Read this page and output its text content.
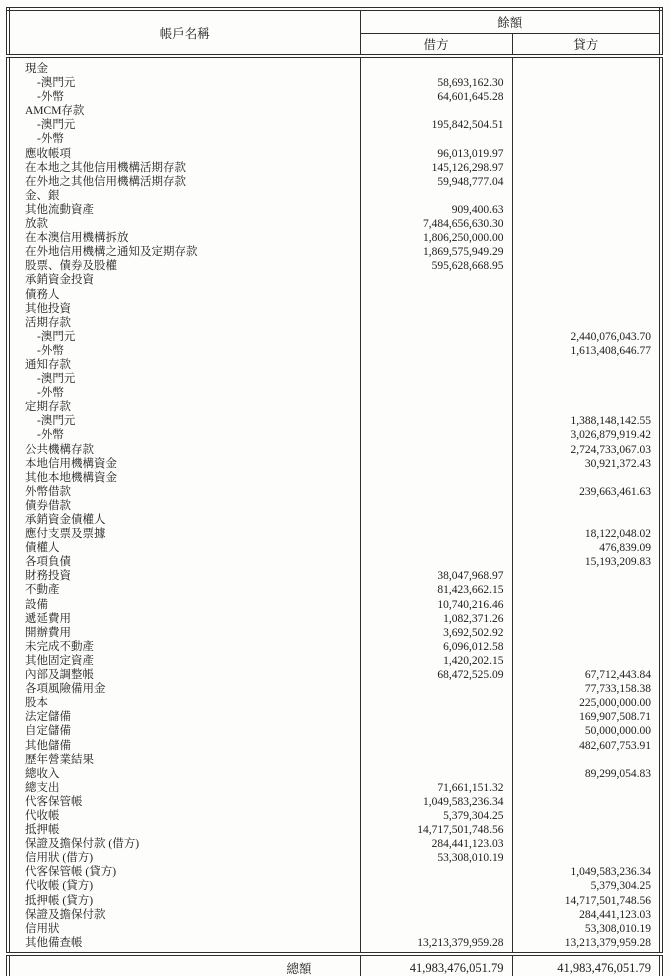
帳戶名稱	餘額	
	借方	貸方
現金		
-澳門元	58,693,162.30	
-外幣	64,601,645.28	
AMCM存款		
-澳門元	195,842,504.51	
-外幣		
應收帳項	96,013,019.97	
在本地之其他信用機構活期存款	145,126,298.97	
在外地之其他信用機構活期存款	59,948,777.04	
金、銀		
其他流動資產	909,400.63	
放款	7,484,656,630.30	
在本澳信用機構拆放	1,806,250,000.00	
在外地信用機構之通知及定期存款	1,869,575,949.29	
股票、債券及股權	595,628,668.95	
承銷資金投資		
債務人		
其他投資		
活期存款		
-澳門元		2,440,076,043.70
-外幣		1,613,408,646.77
通知存款		
-澳門元		
-外幣		
定期存款		
-澳門元		1,388,148,142.55
-外幣		3,026,879,919.42
公共機構存款		2,724,733,067.03
本地信用機構資金		30,921,372.43
其他本地機構資金		
外幣借款		239,663,461.63
債券借款		
承銷資金債權人		
應付支票及票據		18,122,048.02
債權人		476,839.09
各項負債		15,193,209.83
財務投資	38,047,968.97	
不動產	81,423,662.15	
設備	10,740,216.46	
遞延費用	1,082,371.26	
開辦費用	3,692,502.92	
未完成不動產	6,096,012.58	
其他固定資產	1,420,202.15	
內部及調整帳	68,472,525.09	67,712,443.84
各項風險備用金		77,733,158.38
股本		225,000,000.00
法定儲備		169,907,508.71
自定儲備		50,000,000.00
其他儲備		482,607,753.91
歷年營業結果		
總收入		89,299,054.83
總支出	71,661,151.32	
代客保管帳	1,049,583,236.34	
代收帳	5,379,304.25	
抵押帳	14,717,501,748.56	
保證及擔保付款 (借方)	284,441,123.03	
信用狀 (借方)	53,308,010.19	
代客保管帳 (貸方)		1,049,583,236.34
代收帳 (貸方)		5,379,304.25
抵押帳 (貸方)		14,717,501,748.56
保證及擔保付款		284,441,123.03
信用狀		53,308,010.19
其他備查帳	13,213,379,959.28	13,213,379,959.28
總額	41,983,476,051.79	41,983,476,051.79
